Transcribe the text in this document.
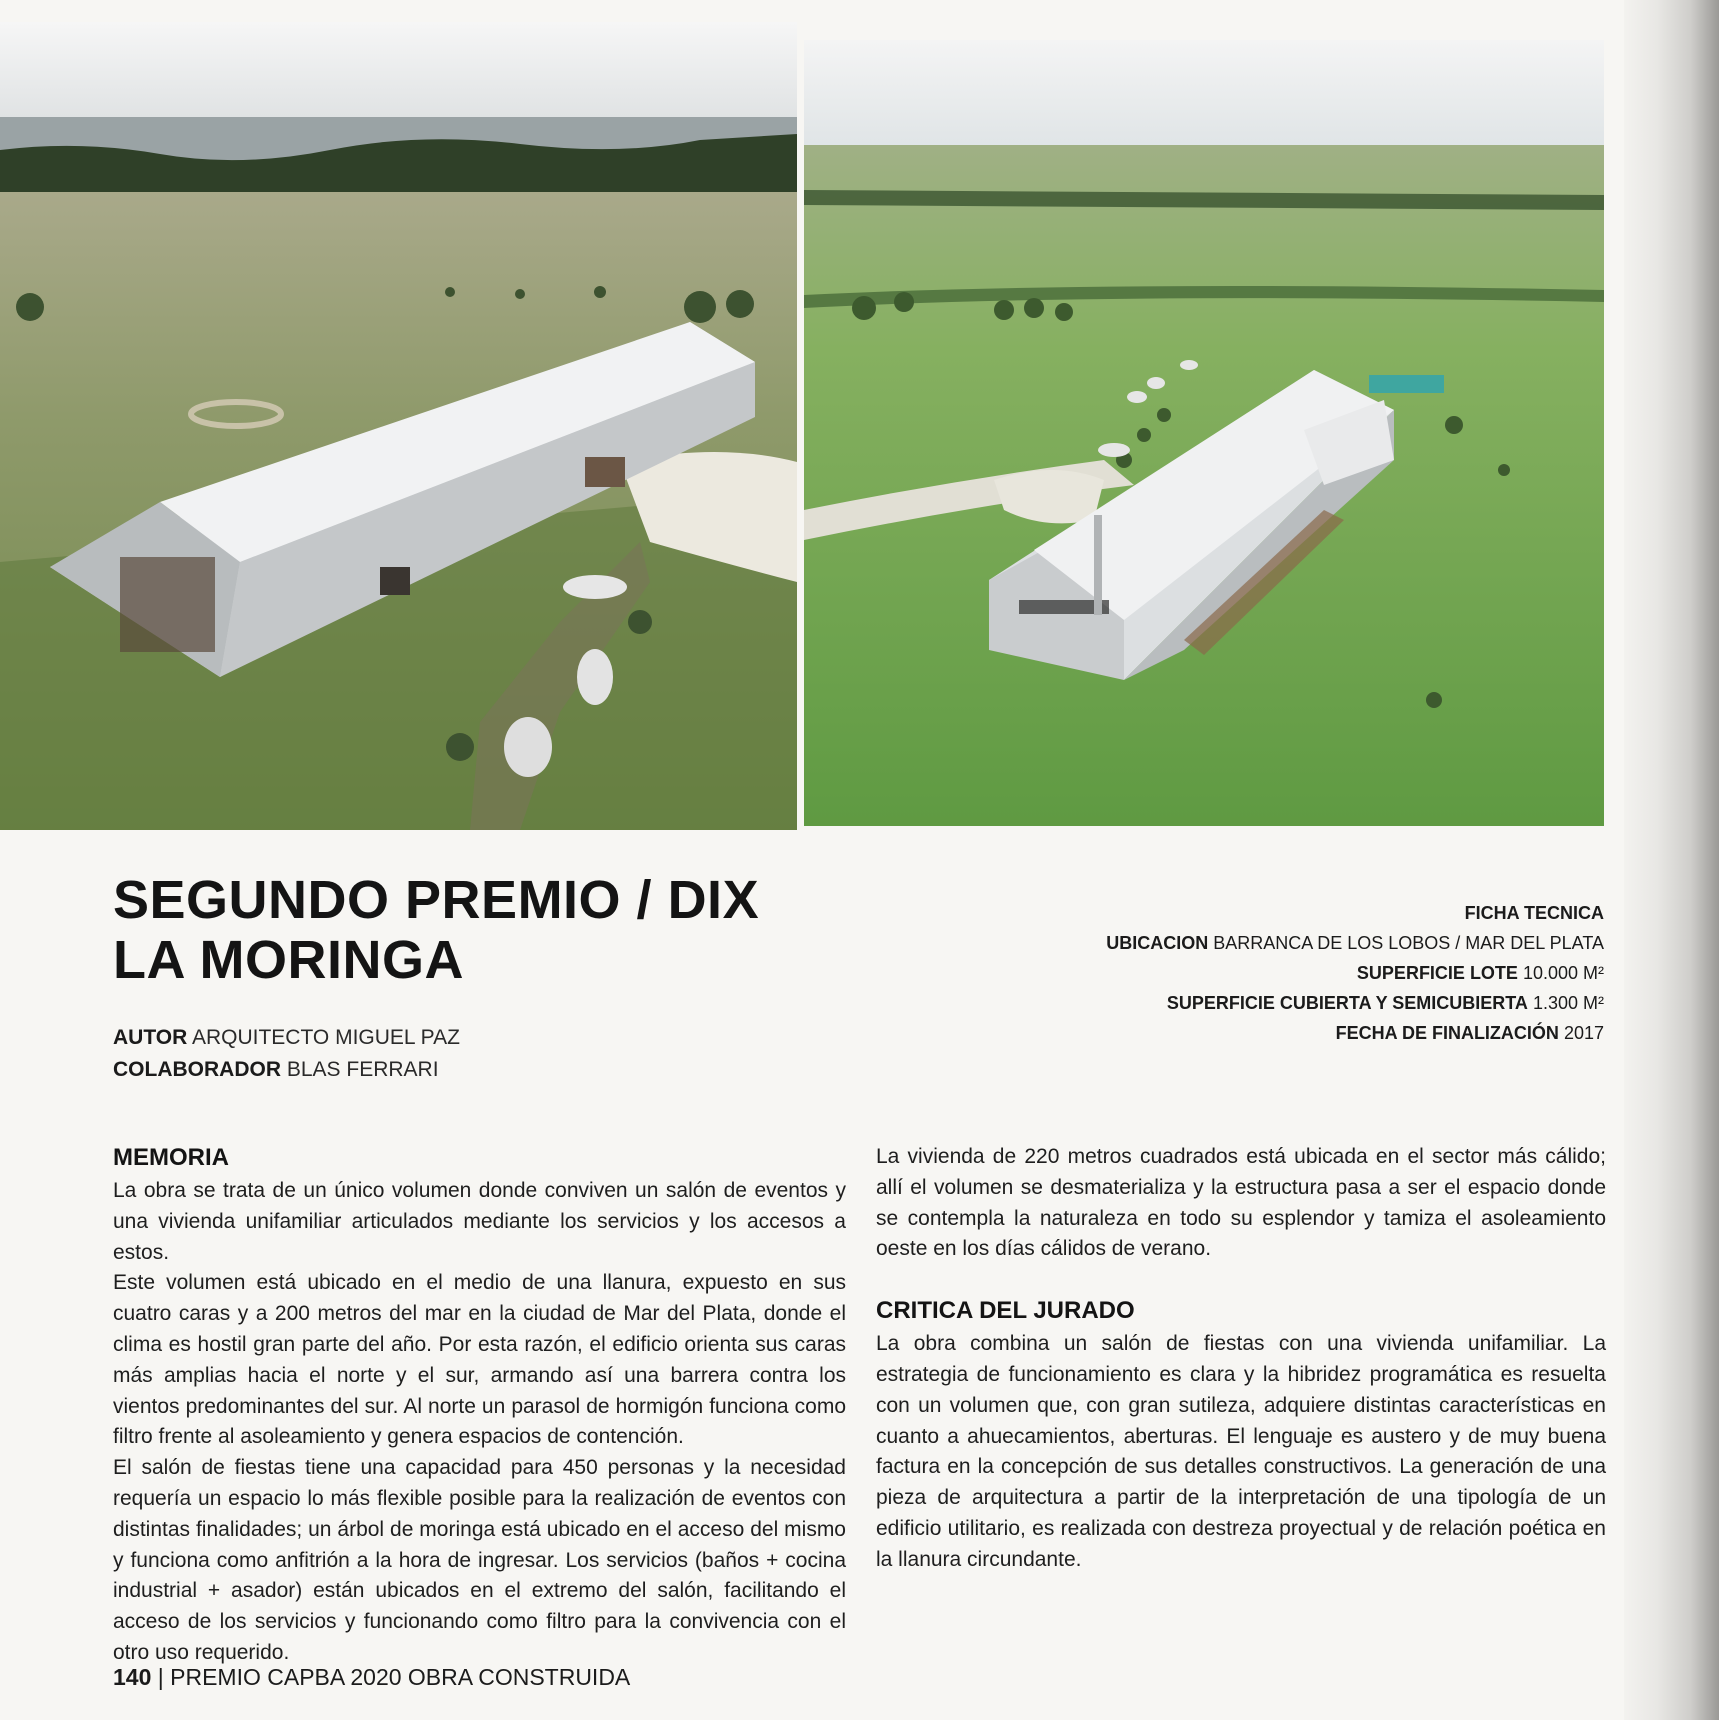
SEGUNDO PREMIO / DIX

LA MORINGA

AUTOR ARQUITECTO MIGUEL PAZ
COLABORADOR BLAS FERRARI
FICHA TECNICA
UBICACION BARRANCA DE LOS LOBOS / MAR DEL PLATA
SUPERFICIE LOTE 10.000 M²
SUPERFICIE CUBIERTA Y SEMICUBIERTA 1.300 M²
FECHA DE FINALIZACIÓN 2017
MEMORIA

La obra se trata de un único volumen donde conviven un salón de eventos y una vivienda unifamiliar articulados mediante los servicios y los accesos a estos.

Este volumen está ubicado en el medio de una llanura, expuesto en sus cuatro caras y a 200 metros del mar en la ciudad de Mar del Plata, donde el clima es hostil gran parte del año. Por esta razón, el edificio orienta sus caras más amplias hacia el norte y el sur, armando así una barrera contra los vientos predominantes del sur. Al norte un parasol de hormigón funciona como filtro frente al asoleamiento y genera espacios de contención.

El salón de fiestas tiene una capacidad para 450 personas y la necesidad requería un espacio lo más flexible posible para la realización de eventos con distintas finalidades; un árbol de moringa está ubicado en el acceso del mismo y funciona como anfitrión a la hora de ingresar. Los servicios (baños + cocina industrial + asador) están ubicados en el extremo del salón, facilitando el acceso de los servicios y funcionando como filtro para la convivencia con el otro uso requerido.

La vivienda de 220 metros cuadrados está ubicada en el sector más cálido; allí el volumen se desmaterializa y la estructura pasa a ser el espacio donde se contempla la naturaleza en todo su esplendor y tamiza el asoleamiento oeste en los días cálidos de verano.

CRITICA DEL JURADO

La obra combina un salón de fiestas con una vivienda unifamiliar. La estrategia de funcionamiento es clara y la hibridez programática es resuelta con un volumen que, con gran sutileza, adquiere distintas características en cuanto a ahuecamientos, aberturas. El lenguaje es austero y de muy buena factura en la concepción de sus detalles constructivos. La generación de una pieza de arquitectura a partir de la interpretación de una tipología de un edificio utilitario, es realizada con destreza proyectual y de relación poética en la llanura circundante.

140 | PREMIO CAPBA 2020 OBRA CONSTRUIDA
